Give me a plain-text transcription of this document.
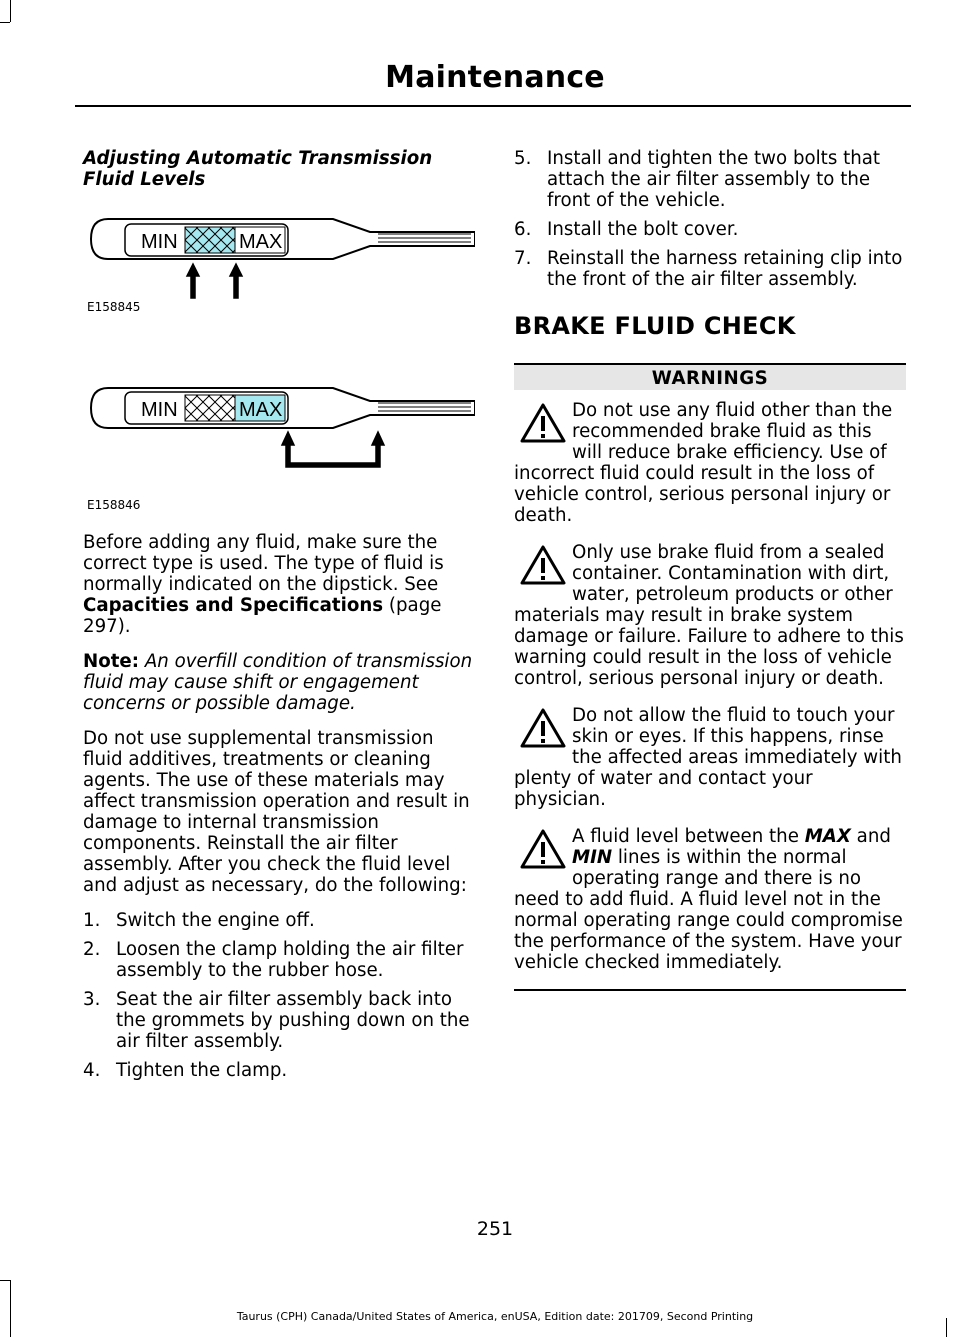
Maintenance

Adjusting Automatic Transmission Fluid Levels

MIN	MAX
E158845
MIN	MAX
E158846

Before adding any fluid, make sure the correct type is used. The type of fluid is normally indicated on the dipstick. See Capacities and Specifications (page 297).

Note: An overfill condition of transmission fluid may cause shift or engagement concerns or possible damage.

Do not use supplemental transmission fluid additives, treatments or cleaning agents. The use of these materials may affect transmission operation and result in damage to internal transmission components. Reinstall the air filter assembly. After you check the fluid level and adjust as necessary, do the following:

1. Switch the engine off.
2. Loosen the clamp holding the air filter assembly to the rubber hose.
3. Seat the air filter assembly back into the grommets by pushing down on the air filter assembly.
4. Tighten the clamp.
5. Install and tighten the two bolts that attach the air filter assembly to the front of the vehicle.
6. Install the bolt cover.
7. Reinstall the harness retaining clip into the front of the air filter assembly.
BRAKE FLUID CHECK
WARNINGS
Do not use any fluid other than the recommended brake fluid as this will reduce brake efficiency. Use of incorrect fluid could result in the loss of vehicle control, serious personal injury or death.
Only use brake fluid from a sealed container. Contamination with dirt, water, petroleum products or other materials may result in brake system damage or failure. Failure to adhere to this warning could result in the loss of vehicle control, serious personal injury or death.
Do not allow the fluid to touch your skin or eyes. If this happens, rinse the affected areas immediately with plenty of water and contact your physician.
A fluid level between the MAX and MIN lines is within the normal operating range and there is no need to add fluid. A fluid level not in the normal operating range could compromise the performance of the system. Have your vehicle checked immediately.
251
Taurus (CPH) Canada/United States of America, enUSA, Edition date: 201709, Second Printing
